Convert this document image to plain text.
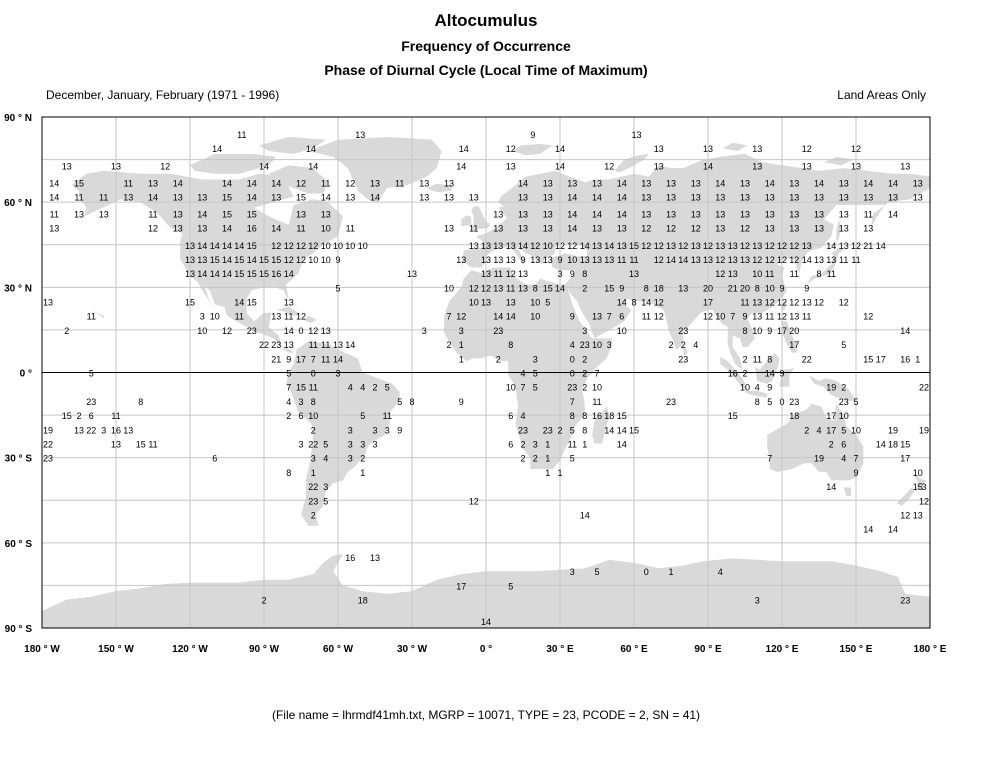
Altocumulus
Frequency of Occurrence
Phase of Diurnal Cycle (Local Time of Maximum)
December, January, February (1971 - 1996)	Land Areas Only
11	13	9	13
14	14	14	12	14	13	13	13	12	12
13	13	12	14	14	14	13	14	12	13	14	13	13	13	13
14 15	11 13 14	14 14 14 12 11 12 13 11 13 13	14 13 13 13 14 13 13 13 14 13 14 13 14 13 14 14 13
14 11 11 13 14 13 13 15 14 13 15 14 13 14	13 13 13	13 13 14 14 14 13 13 13 13 13 13 13 13 13 13 13 13
11 13 13	11 13 14 15 15	13 13	13 13 13 14 14 14 13 13 13 13 13 13 13 13 13 11 14
13	12 13 13 14 16 14 11 10 11	13 11 13 13 13 14 13 13 12 12 12 13 12 13 13 13 13 13
13 14 14 14 14 15 12 12 12 12 10 10 10 10	13 13 13 13 14 12 10 12 12 14 13 14 13 15 12 12 13 12 13 12 13 13 12 13 12 12 12 13 14 13 12 21 14
13 13 15 14 15 14 15 15 12 12 10 10 9	13 13 13 13 9 13 13 9 10 13 13 13 11 11 12 14 14 13 13 12 13 13 12 12 12 12 14 13 13 11 11
13 14 14 14 15 15 15 16 14	13	13 11 12 13	3 9 8	13	12 13 10 11 11 8 11
5	10 12 12 13 11 13 8 15 14 2 15 9 8 18 13 20 21 20 8 10 9 9
13	15	14 15	13	10 13 13 10 5	14 8 14 12	17	11 13 12 12 12 13 12 12
11	3 10 11	13 11 12	7 12	14 14 10	9 13 7 6 11 12	12 10 7 9 13 11 12 13 11	12
2	10 12 23	14 0 12 13	3	3	23	3	10	23	8 10 9 17 20	14
22 23 13 11 11 13 14	2 1	8	4 23 10 3	2 2 4	17	5
21 9 17 7 11 14	1	2	3	0 2	23	2 11 8	22	15 17 16 1
5	5 0 3	4 5	0 2 7	16 2 14 9
7 15 11	4 4 2 5	10 7 5	23 2 10	10 4 9	19 2	22
23	8	4 3 8	5 8	9	7 11	23	8 5 0 23	23 5
15 2 6 11	2 6 10	5 11	6 4	8 8 16 18 15	15	18	17 10
19 13 22 3 16 13	2	3 3 3 9	23 23 2 5 8 14 14 15	2 4 17 5 10	19 19
22	13 15 11	3 22 5 3 3 3	6 2 3 1 11 1	14	2 6	14 18 15
23	6	3 4 3 2	2 2 1 5	7	19 4 7	17
8 1	1	1 1	9	10
22 3	14	15
3
23 5	12	12
2	14	12 13
14 14
16 13
3 5	0 1	4
17	5
2	18	3	23
14
90 ° N
60 ° N
30 ° N
0 °
30 ° S
60 ° S
90 ° S
180 ° W	150 ° W	120 ° W	90 ° W	60 ° W	30 ° W	0 °	30 ° E	60 ° E	90 ° E	120 ° E	150 ° E	180 ° E
(File name = lhrmdf41mh.txt, MGRP = 10071, TYPE = 23, PCODE = 2, SN = 41)
